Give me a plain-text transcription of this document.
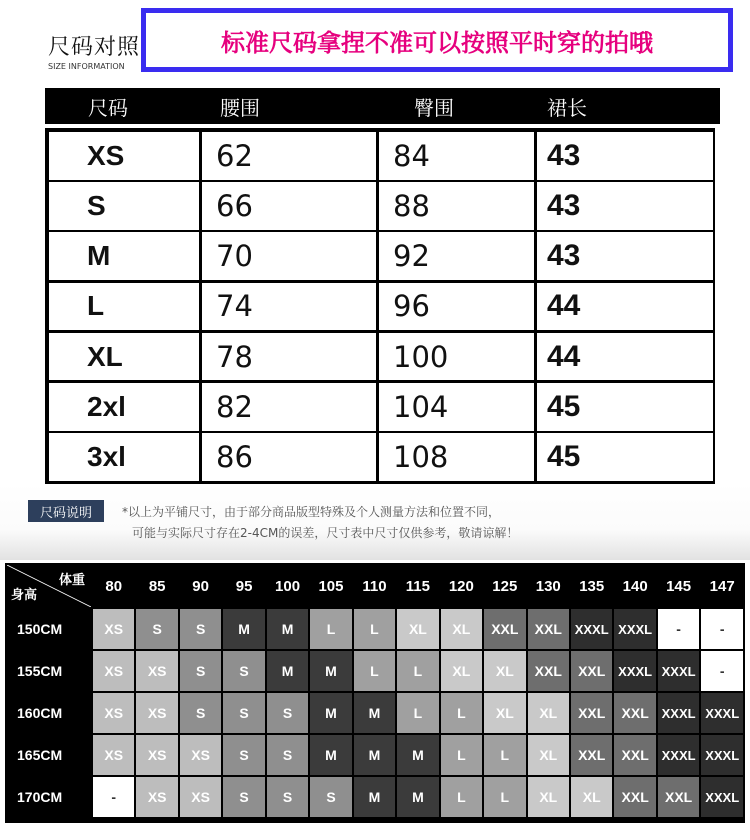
尺码对照
SIZE INFORMATION
标准尺码拿捏不准可以按照平时穿的拍哦
尺码	腰围	臀围	裙长
XS	62	84	43
S	66	88	43
M	70	92	43
L	74	96	44
XL	78	100	44
2xl	82	104	45
3xl	86	108	45
尺码说明	*以上为平铺尺寸，由于部分商品版型特殊及个人测量方法和位置不同，
可能与实际尺寸存在2-4CM的误差，尺寸表中尺寸仅供参考，敬请谅解！
体重
身高	80	85	90	95	100	105	110	115	120	125	130	135	140	145	147
150CM	XS	S	S	M	M	L	L	XL	XL	XXL	XXL	XXXL	XXXL	-	-
155CM	XS	XS	S	S	M	M	L	L	XL	XL	XXL	XXL	XXXL	XXXL	-
160CM	XS	XS	S	S	S	M	M	L	L	XL	XL	XXL	XXL	XXXL	XXXL
165CM	XS	XS	XS	S	S	M	M	M	L	L	XL	XXL	XXL	XXXL	XXXL
170CM	-	XS	XS	S	S	S	M	M	L	L	XL	XL	XXL	XXL	XXXL
